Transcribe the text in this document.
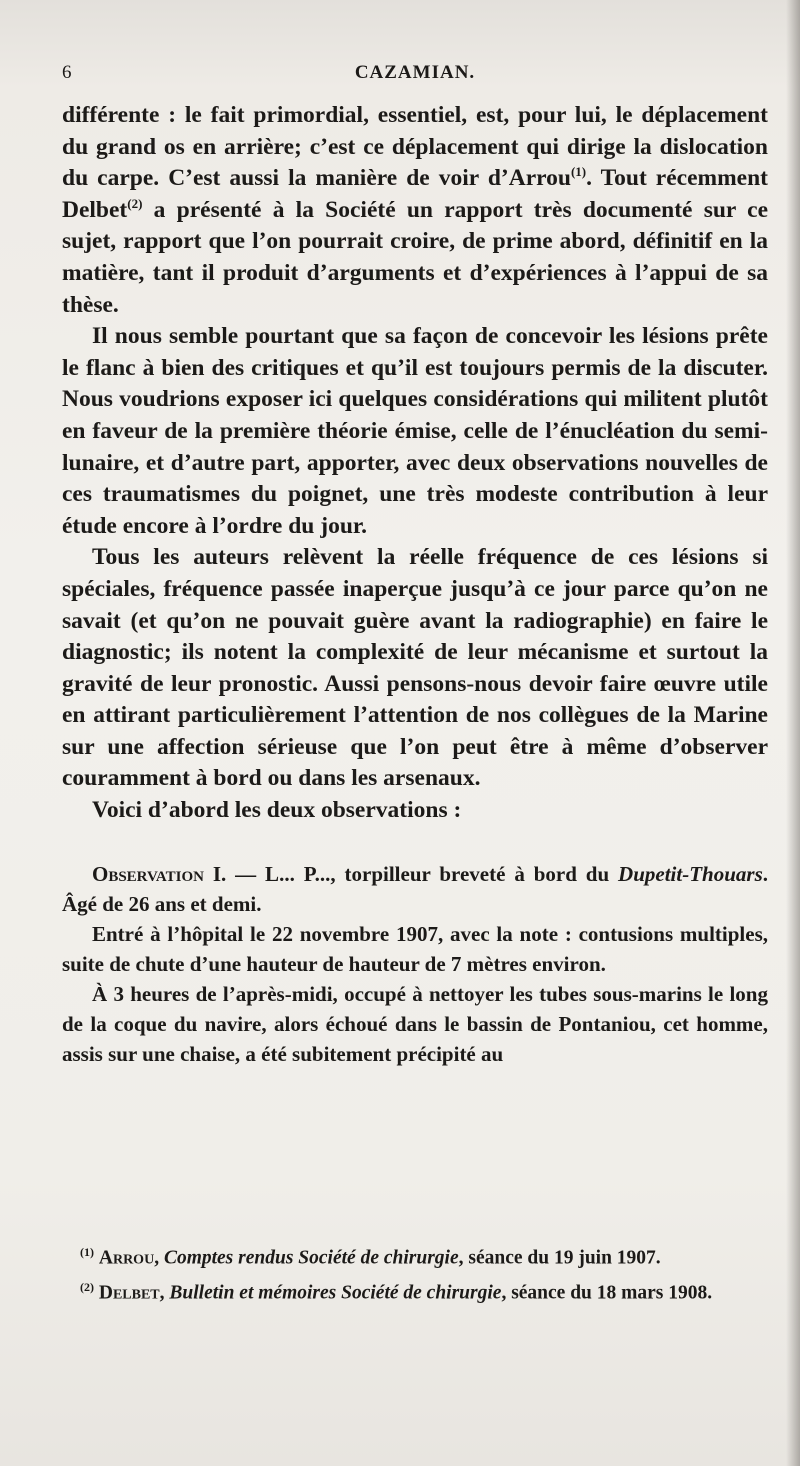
6	CAZAMIAN.

différente : le fait primordial, essentiel, est, pour lui, le déplacement du grand os en arrière; c’est ce déplacement qui dirige la dislocation du carpe. C’est aussi la manière de voir d’Arrou$^{(1)}$. Tout récemment Delbet$^{(2)}$ a présenté à la Société un rapport très documenté sur ce sujet, rapport que l’on pourrait croire, de prime abord, définitif en la matière, tant il produit d’arguments et d’expériences à l’appui de sa thèse.

Il nous semble pourtant que sa façon de concevoir les lésions prête le flanc à bien des critiques et qu’il est toujours permis de la discuter. Nous voudrions exposer ici quelques considérations qui militent plutôt en faveur de la première théorie émise, celle de l’énucléation du semi-lunaire, et d’autre part, apporter, avec deux observations nouvelles de ces traumatismes du poignet, une très modeste contribution à leur étude encore à l’ordre du jour.

Tous les auteurs relèvent la réelle fréquence de ces lésions si spéciales, fréquence passée inaperçue jusqu’à ce jour parce qu’on ne savait (et qu’on ne pouvait guère avant la radiographie) en faire le diagnostic; ils notent la complexité de leur mécanisme et surtout la gravité de leur pronostic. Aussi pensons-nous devoir faire œuvre utile en attirant particulièrement l’attention de nos collègues de la Marine sur une affection sérieuse que l’on peut être à même d’observer couramment à bord ou dans les arsenaux.

Voici d’abord les deux observations :

Observation I. — L... P..., torpilleur breveté à bord du Dupetit-Thouars. Âgé de 26 ans et demi.

Entré à l’hôpital le 22 novembre 1907, avec la note : contusions multiples, suite de chute d’une hauteur de hauteur de 7 mètres environ.

À 3 heures de l’après-midi, occupé à nettoyer les tubes sous-marins le long de la coque du navire, alors échoué dans le bassin de Pontaniou, cet homme, assis sur une chaise, a été subitement précipité au

$^{(1)}$ Arrou, Comptes rendus Société de chirurgie, séance du 19 juin 1907.

$^{(2)}$ Delbet, Bulletin et mémoires Société de chirurgie, séance du 18 mars 1908.
